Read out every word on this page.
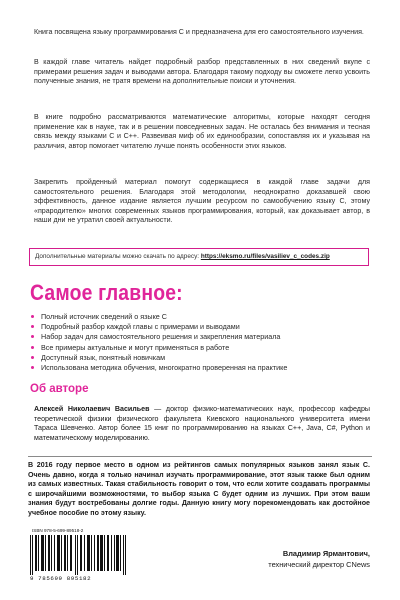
Книга посвящена языку программирования С и предназначена для его самостоятельного изучения.

В каждой главе читатель найдет подробный разбор представленных в них сведений вкупе с примерами решения задач и выводами автора. Благодаря такому подходу вы сможете легко усвоить полученные знания, не тратя времени на дополнительные поиски и уточнения.

В книге подробно рассматриваются математические алгоритмы, которые находят сегодня применение как в науке, так и в решении повседневных задач. Не осталась без внимания и тесная связь между языками С и С++. Развеивая миф об их единообразии, сопоставляя их и указывая на различия, автор помогает читателю лучше понять особенности этих языков.

Закрепить пройденный материал помогут содержащиеся в каждой главе задачи для самостоятельного решения. Благодаря этой методологии, неоднократно доказавшей свою эффективность, данное издание является лучшим ресурсом по самообучению языку С, этому «прародителю» многих современных языков программирования, который, как доказывает автор, в наши дни не утратил своей актуальности.

Дополнительные материалы можно скачать по адресу: https://eksmo.ru/files/vasiliev_c_codes.zip
Самое главное:
Полный источник сведений о языке С
Подробный разбор каждой главы с примерами и выводами
Набор задач для самостоятельного решения и закрепления материала
Все примеры актуальные и могут применяться в работе
Доступный язык, понятный новичкам
Использована методика обучения, многократно проверенная на практике
Об авторе

Алексей Николаевич Васильев — доктор физико-математических наук, профессор кафедры теоретической физики физического факультета Киевского национального университета имени Тараса Шевченко. Автор более 15 книг по программированию на языках С++, Java, С#, Python и математическому моделированию.

В 2016 году первое место в одном из рейтингов самых популярных языков занял язык С. Очень давно, когда я только начинал изучать программирование, этот язык также был одним из самых известных. Такая стабильность говорит о том, что если хотите создавать программы с широчайшими возможностями, то выбор языка С будет одним из лучших. При этом ваши знания будут востребованы долгие годы. Данную книгу могу порекомендовать как достойное учебное пособие по этому языку.

ISBN 978-5-699-89518-2
9 785699 895182
Владимир Ярмантович,
технический директор CNews
